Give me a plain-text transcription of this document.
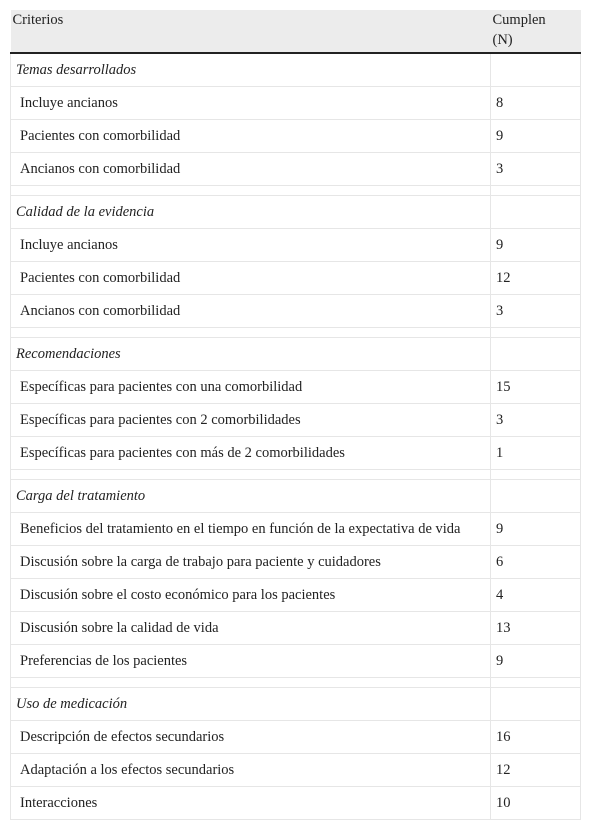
Criterios	Cumplen
(N)
Temas desarrollados	
Incluye ancianos	8
Pacientes con comorbilidad	9
Ancianos con comorbilidad	3

Calidad de la evidencia	
Incluye ancianos	9
Pacientes con comorbilidad	12
Ancianos con comorbilidad	3

Recomendaciones	
Específicas para pacientes con una comorbilidad	15
Específicas para pacientes con 2 comorbilidades	3
Específicas para pacientes con más de 2 comorbilidades	1

Carga del tratamiento	
Beneficios del tratamiento en el tiempo en función de la expectativa de vida	9
Discusión sobre la carga de trabajo para paciente y cuidadores	6
Discusión sobre el costo económico para los pacientes	4
Discusión sobre la calidad de vida	13
Preferencias de los pacientes	9

Uso de medicación	
Descripción de efectos secundarios	16
Adaptación a los efectos secundarios	12
Interacciones	10
